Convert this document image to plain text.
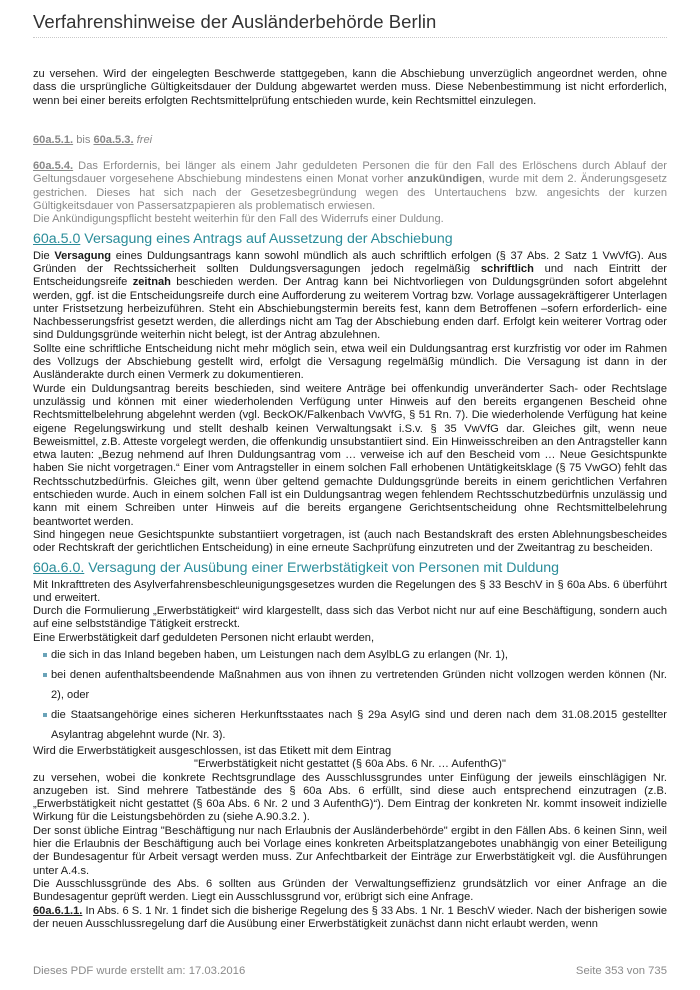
Verfahrenshinweise der Ausländerbehörde Berlin

zu versehen. Wird der eingelegten Beschwerde stattgegeben, kann die Abschiebung unverzüglich angeordnet werden, ohne dass die ursprüngliche Gültigkeitsdauer der Duldung abgewartet werden muss. Diese Nebenbestimmung ist nicht erforderlich, wenn bei einer bereits erfolgten Rechtsmittelprüfung entschieden wurde, kein Rechtsmittel einzulegen.

60a.5.1. bis 60a.5.3. frei

60a.5.4. Das Erfordernis, bei länger als einem Jahr geduldeten Personen die für den Fall des Erlöschens durch Ablauf der Geltungsdauer vorgesehene Abschiebung mindestens einen Monat vorher anzukündigen, wurde mit dem 2. Änderungsgesetz gestrichen. Dieses hat sich nach der Gesetzesbegründung wegen des Untertauchens bzw. angesichts der kurzen Gültigkeitsdauer von Passersatzpapieren als problematisch erwiesen.

Die Ankündigungspflicht besteht weiterhin für den Fall des Widerrufs einer Duldung.

60a.5.0 Versagung eines Antrags auf Aussetzung der Abschiebung

Die Versagung eines Duldungsantrags kann sowohl mündlich als auch schriftlich erfolgen (§ 37 Abs. 2 Satz 1 VwVfG). Aus Gründen der Rechtssicherheit sollten Duldungsversagungen jedoch regelmäßig schriftlich und nach Eintritt der Entscheidungsreife zeitnah beschieden werden. Der Antrag kann bei Nichtvorliegen von Duldungsgründen sofort abgelehnt werden, ggf. ist die Entscheidungsreife durch eine Aufforderung zu weiterem Vortrag bzw. Vorlage aussagekräftigerer Unterlagen unter Fristsetzung herbeizuführen. Steht ein Abschiebungstermin bereits fest, kann dem Betroffenen –sofern erforderlich- eine Nachbesserungsfrist gesetzt werden, die allerdings nicht am Tag der Abschiebung enden darf. Erfolgt kein weiterer Vortrag oder sind Duldungsgründe weiterhin nicht belegt, ist der Antrag abzulehnen.

Sollte eine schriftliche Entscheidung nicht mehr möglich sein, etwa weil ein Duldungsantrag erst kurzfristig vor oder im Rahmen des Vollzugs der Abschiebung gestellt wird, erfolgt die Versagung regelmäßig mündlich. Die Versagung ist dann in der Ausländerakte durch einen Vermerk zu dokumentieren.

Wurde ein Duldungsantrag bereits beschieden, sind weitere Anträge bei offenkundig unveränderter Sach- oder Rechtslage unzulässig und können mit einer wiederholenden Verfügung unter Hinweis auf den bereits ergangenen Bescheid ohne Rechtsmittelbelehrung abgelehnt werden (vgl. BeckOK/Falkenbach VwVfG, § 51 Rn. 7). Die wiederholende Verfügung hat keine eigene Regelungswirkung und stellt deshalb keinen Verwaltungsakt i.S.v. § 35 VwVfG dar. Gleiches gilt, wenn neue Beweismittel, z.B. Atteste vorgelegt werden, die offenkundig unsubstantiiert sind. Ein Hinweisschreiben an den Antragsteller kann etwa lauten: „Bezug nehmend auf Ihren Duldungsantrag vom … verweise ich auf den Bescheid vom … Neue Gesichtspunkte haben Sie nicht vorgetragen.“ Einer vom Antragsteller in einem solchen Fall erhobenen Untätigkeitsklage (§ 75 VwGO) fehlt das Rechtsschutzbedürfnis. Gleiches gilt, wenn über geltend gemachte Duldungsgründe bereits in einem gerichtlichen Verfahren entschieden wurde. Auch in einem solchen Fall ist ein Duldungsantrag wegen fehlendem Rechtsschutzbedürfnis unzulässig und kann mit einem Schreiben unter Hinweis auf die bereits ergangene Gerichtsentscheidung ohne Rechtsmittelbelehrung beantwortet werden.

Sind hingegen neue Gesichtspunkte substantiiert vorgetragen, ist (auch nach Bestandskraft des ersten Ablehnungsbescheides oder Rechtskraft der gerichtlichen Entscheidung) in eine erneute Sachprüfung einzutreten und der Zweitantrag zu bescheiden.

60a.6.0. Versagung der Ausübung einer Erwerbstätigkeit von Personen mit Duldung

Mit Inkrafttreten des Asylverfahrensbeschleunigungsgesetzes wurden die Regelungen des § 33 BeschV in § 60a Abs. 6 überführt und erweitert.

Durch die Formulierung „Erwerbstätigkeit“ wird klargestellt, dass sich das Verbot nicht nur auf eine Beschäftigung, sondern auch auf eine selbstständige Tätigkeit erstreckt.

Eine Erwerbstätigkeit darf geduldeten Personen nicht erlaubt werden,

die sich in das Inland begeben haben, um Leistungen nach dem AsylbLG zu erlangen (Nr. 1),
bei denen aufenthaltsbeendende Maßnahmen aus von ihnen zu vertretenden Gründen nicht vollzogen werden können (Nr. 2), oder
die Staatsangehörige eines sicheren Herkunftsstaates nach § 29a AsylG sind und deren nach dem 31.08.2015 gestellter Asylantrag abgelehnt wurde (Nr. 3).

Wird die Erwerbstätigkeit ausgeschlossen, ist das Etikett mit dem Eintrag

"Erwerbstätigkeit nicht gestattet (§ 60a Abs. 6 Nr. … AufenthG)"

zu versehen, wobei die konkrete Rechtsgrundlage des Ausschlussgrundes unter Einfügung der jeweils einschlägigen Nr. anzugeben ist. Sind mehrere Tatbestände des § 60a Abs. 6 erfüllt, sind diese auch entsprechend einzutragen (z.B. „Erwerbstätigkeit nicht gestattet (§ 60a Abs. 6 Nr. 2 und 3 AufenthG)“). Dem Eintrag der konkreten Nr. kommt insoweit indizielle Wirkung für die Leistungsbehörden zu (siehe A.90.3.2. ).

Der sonst übliche Eintrag "Beschäftigung nur nach Erlaubnis der Ausländerbehörde" ergibt in den Fällen Abs. 6 keinen Sinn, weil hier die Erlaubnis der Beschäftigung auch bei Vorlage eines konkreten Arbeitsplatzangebotes unabhängig von einer Beteiligung der Bundesagentur für Arbeit versagt werden muss. Zur Anfechtbarkeit der Einträge zur Erwerbstätigkeit vgl. die Ausführungen unter A.4.s.

Die Ausschlussgründe des Abs. 6 sollten aus Gründen der Verwaltungseffizienz grundsätzlich vor einer Anfrage an die Bundesagentur geprüft werden. Liegt ein Ausschlussgrund vor, erübrigt sich eine Anfrage.

60a.6.1.1. In Abs. 6 S. 1 Nr. 1 findet sich die bisherige Regelung des § 33 Abs. 1 Nr. 1 BeschV wieder. Nach der bisherigen sowie der neuen Ausschlussregelung darf die Ausübung einer Erwerbstätigkeit zunächst dann nicht erlaubt werden, wenn

Dieses PDF wurde erstellt am: 17.03.2016	Seite 353 von 735
